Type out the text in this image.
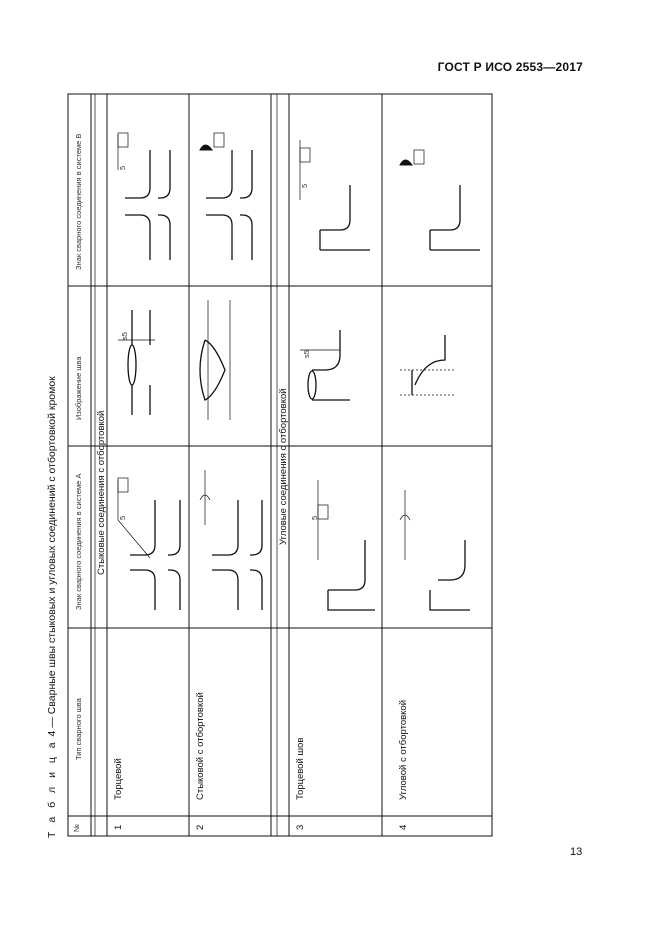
ГОСТ Р ИСО 2553—2017
Т а б л и ц а 4 — Сварные швы стыковых и угловых соединений с отбортовкой кромок
№
Тип сварного шва
Знак сварного соединения в системе А
Изображение шва
Знак сварного соединения в системе В
Стыковые соединения с отбортовкой	Угловые соединения с отбортовкой
1
Торцевой
5
s5
5
2
Стыковой с отбортовкой
3
Торцевой шов
5
s5
5
4
Угловой с отбортовкой
13
